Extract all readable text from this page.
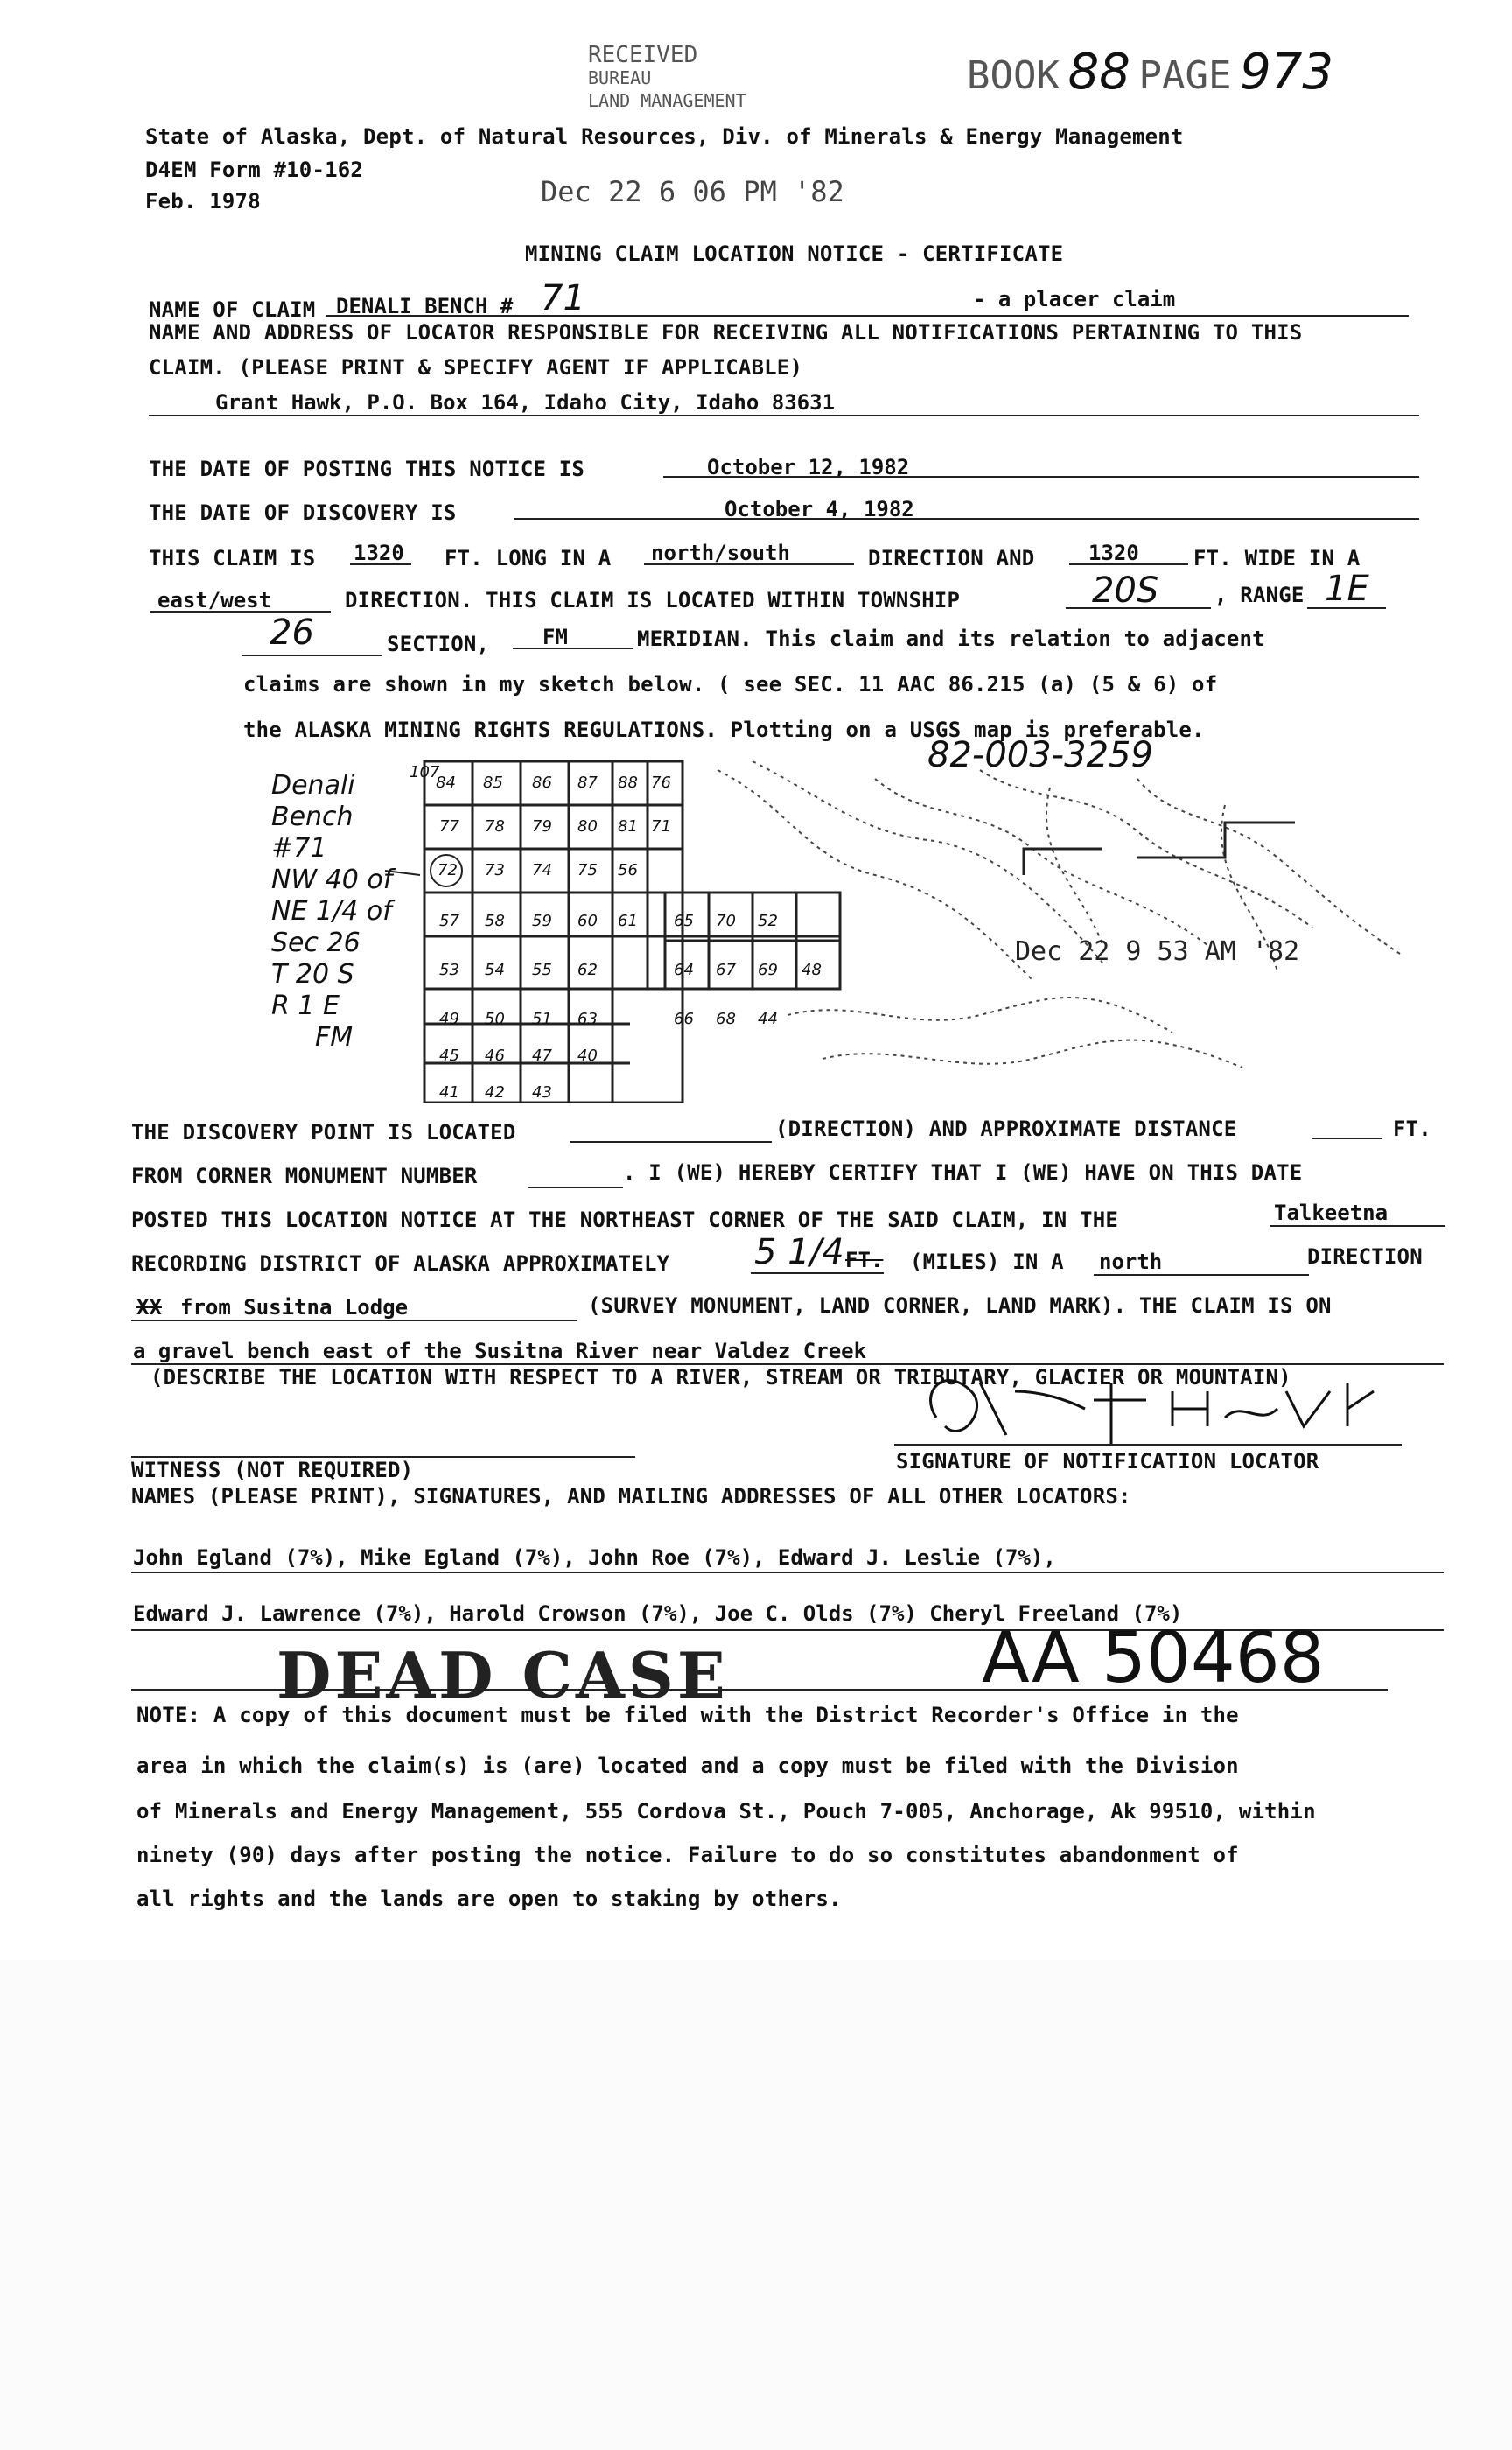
RECEIVED
BUREAU
LAND MANAGEMENT
BOOK 88 PAGE 973
State of Alaska, Dept. of Natural Resources, Div. of Minerals & Energy Management
D4EM Form #10-162
Feb. 1978	Dec 22 6 06 PM '82
MINING CLAIM LOCATION NOTICE - CERTIFICATE
NAME OF CLAIM DENALI BENCH # 71	- a placer claim
NAME AND ADDRESS OF LOCATOR RESPONSIBLE FOR RECEIVING ALL NOTIFICATIONS PERTAINING TO THIS
CLAIM. (PLEASE PRINT & SPECIFY AGENT IF APPLICABLE)
Grant Hawk, P.O. Box 164, Idaho City, Idaho 83631
THE DATE OF POSTING THIS NOTICE IS	October 12, 1982
THE DATE OF DISCOVERY IS	October 4, 1982
THIS CLAIM IS 1320 FT. LONG IN A north/south	DIRECTION AND	1320	FT. WIDE IN A
east/west	DIRECTION. THIS CLAIM IS LOCATED WITHIN TOWNSHIP	20S	, RANGE 1E
26	SECTION,	FM	MERIDIAN. This claim and its relation to adjacent
claims are shown in my sketch below. ( see SEC. 11 AAC 86.215 (a) (5 & 6) of
the ALASKA MINING RIGHTS REGULATIONS. Plotting on a USGS map is preferable.
Denali
Bench
#71
NW 40 of
NE 1/4 of
Sec 26
T 20 S
R 1 E
FM
107
84 85 86 87 88 76
77 78 79 80 81 71
72 73 74 75 56
57 58 59 60 61 65 70 52
53 54 55 62	64 67 69 48
49 50 51 63	66 68 44
45 46 47 40
41 42 43
82-003-3259
Dec 22 9 53 AM '82
THE DISCOVERY POINT IS LOCATED	(DIRECTION) AND APPROXIMATE DISTANCE	FT.
FROM CORNER MONUMENT NUMBER	. I (WE) HEREBY CERTIFY THAT I (WE) HAVE ON THIS DATE
POSTED THIS LOCATION NOTICE AT THE NORTHEAST CORNER OF THE SAID CLAIM, IN THE	Talkeetna
RECORDING DISTRICT OF ALASKA APPROXIMATELY 5 1/4 FT. (MILES) IN A north	DIRECTION
XX from Susitna Lodge	(SURVEY MONUMENT, LAND CORNER, LAND MARK). THE CLAIM IS ON
a gravel bench east of the Susitna River near Valdez Creek
(DESCRIBE THE LOCATION WITH RESPECT TO A RIVER, STREAM OR TRIBUTARY, GLACIER OR MOUNTAIN)
WITNESS (NOT REQUIRED)	SIGNATURE OF NOTIFICATION LOCATOR
NAMES (PLEASE PRINT), SIGNATURES, AND MAILING ADDRESSES OF ALL OTHER LOCATORS:
John Egland (7%), Mike Egland (7%), John Roe (7%), Edward J. Leslie (7%),
Edward J. Lawrence (7%), Harold Crowson (7%), Joe C. Olds (7%) Cheryl Freeland (7%)
DEAD CASE	AA 50468
NOTE: A copy of this document must be filed with the District Recorder's Office in the
area in which the claim(s) is (are) located and a copy must be filed with the Division
of Minerals and Energy Management, 555 Cordova St., Pouch 7-005, Anchorage, Ak 99510, within
ninety (90) days after posting the notice. Failure to do so constitutes abandonment of
all rights and the lands are open to staking by others.
